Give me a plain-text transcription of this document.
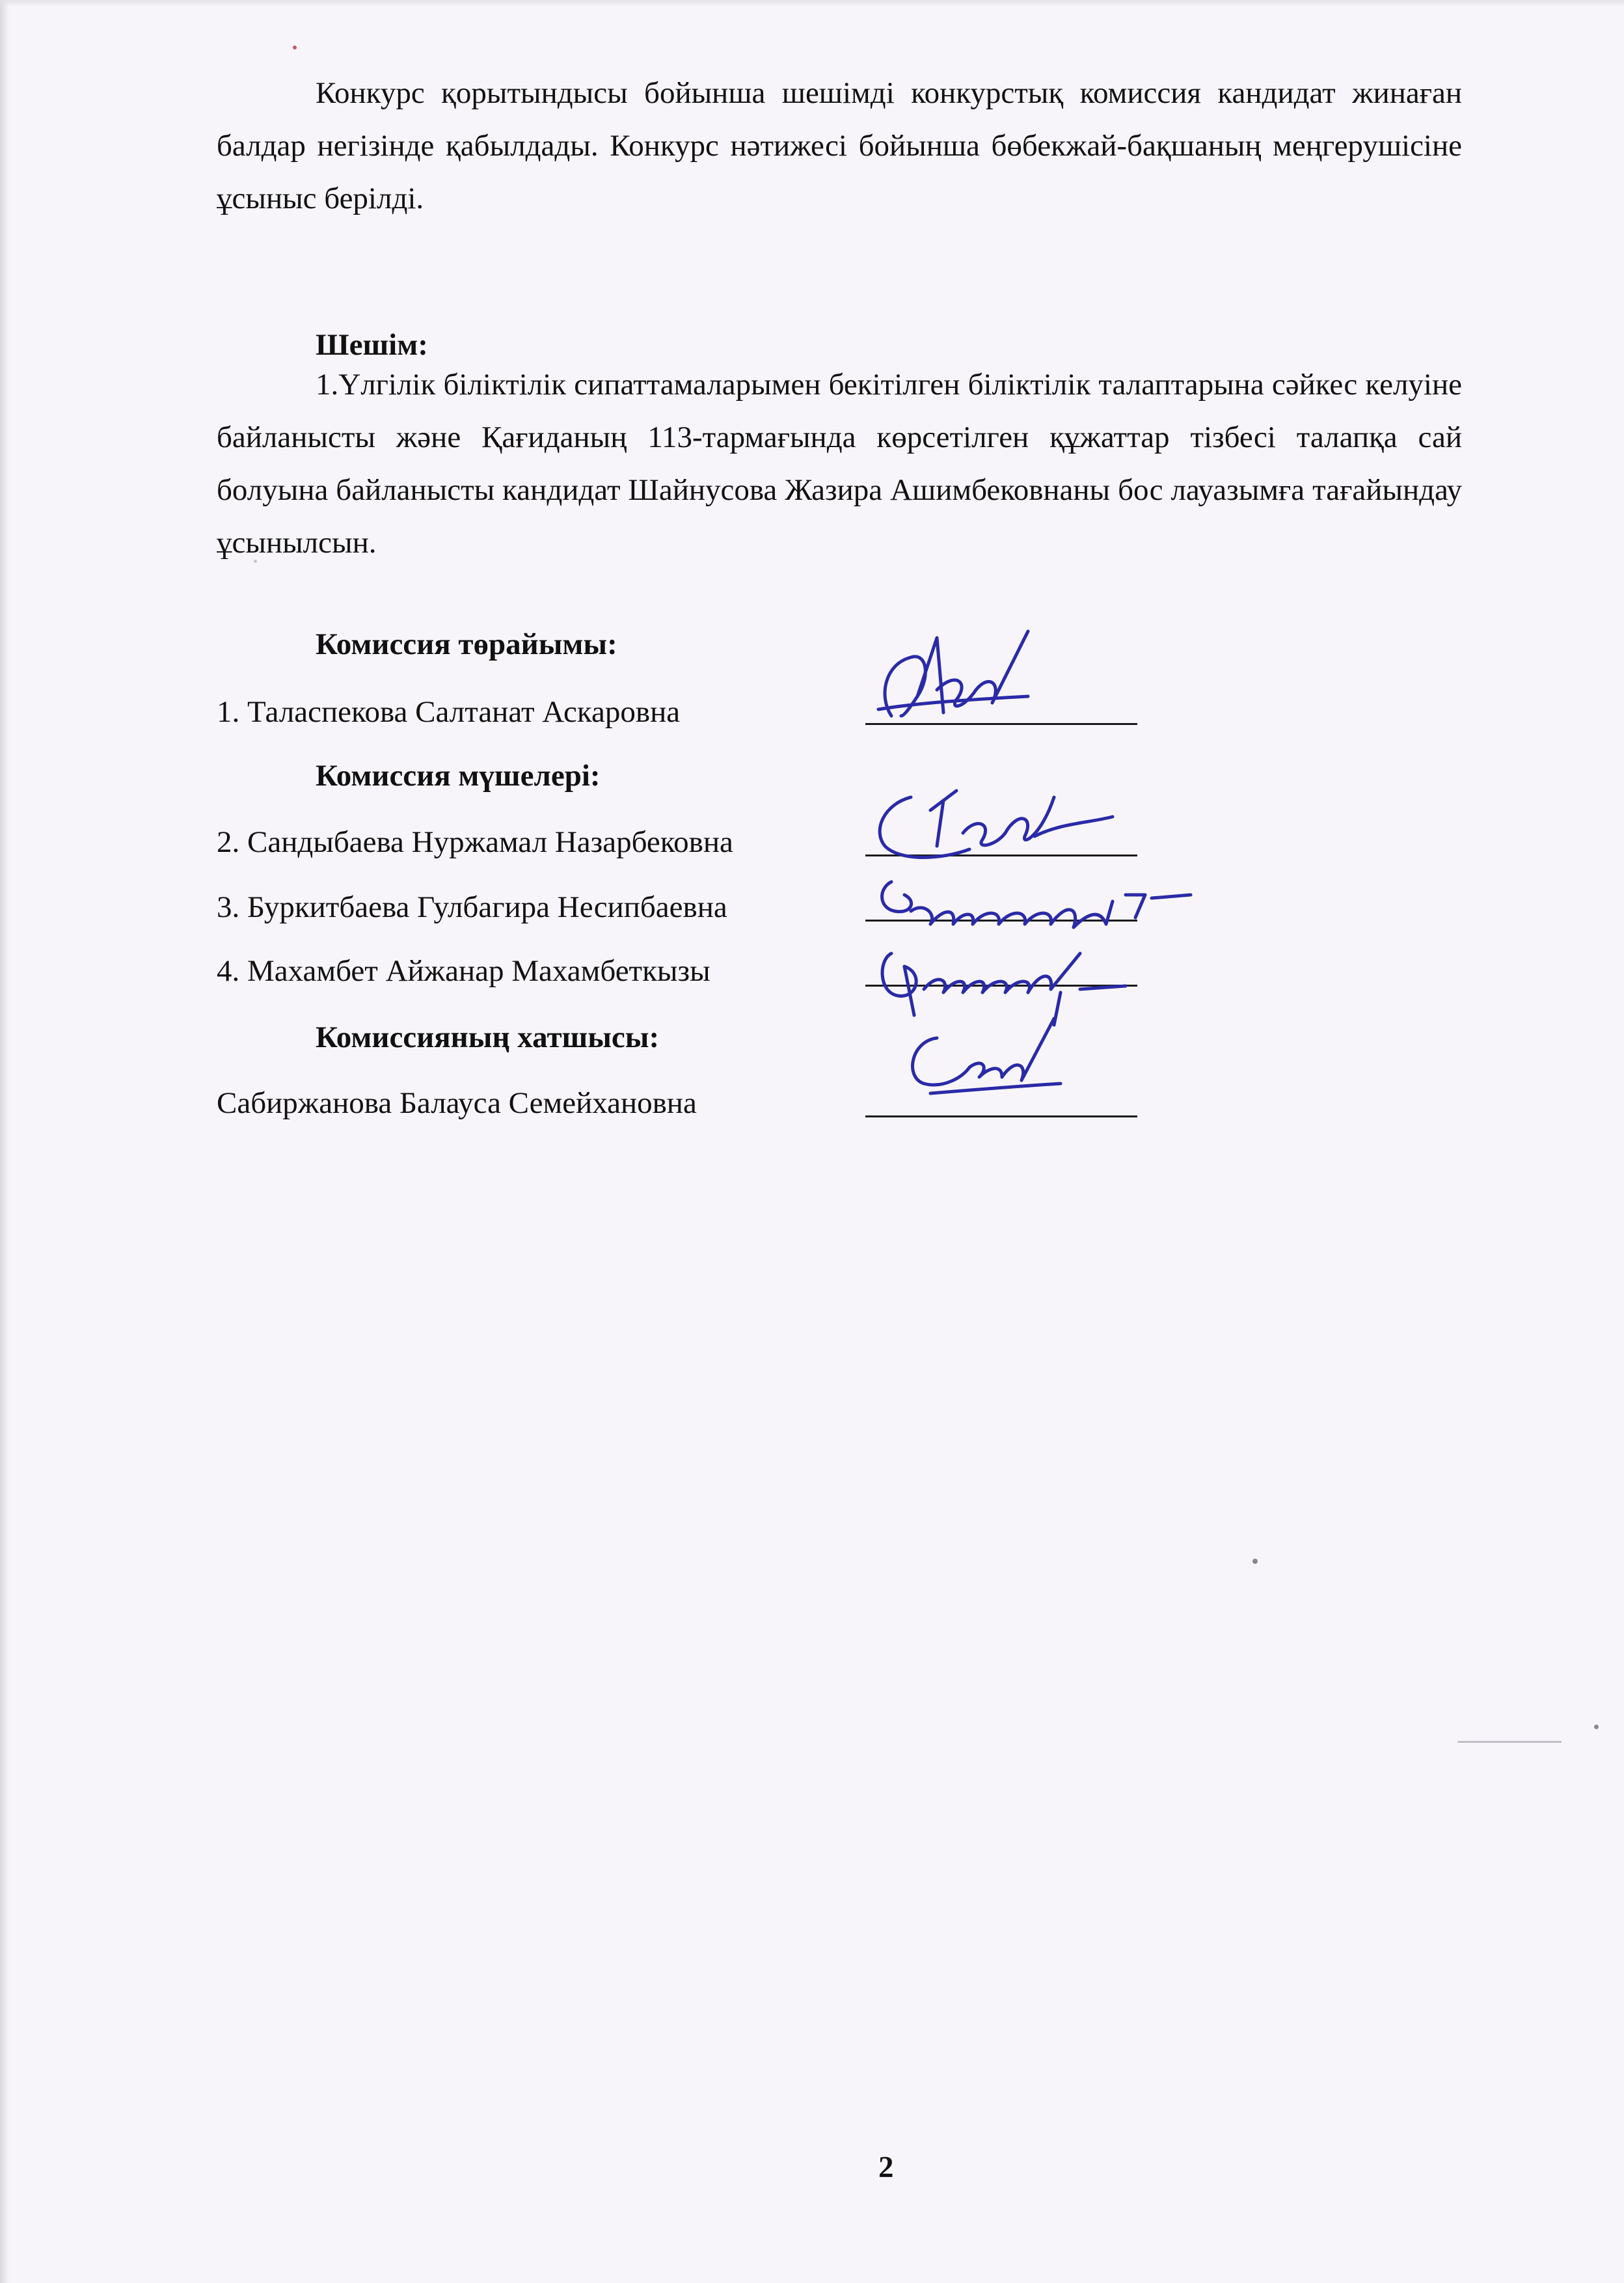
Конкурс қорытындысы бойынша шешімді конкурстық комиссия кандидат жинаған балдар негізінде қабылдады. Конкурс нәтижесі бойынша бөбекжай-бақшаның меңгерушісіне ұсыныс берілді.

Шешім:

1.Үлгілік біліктілік сипаттамаларымен бекітілген біліктілік талаптарына сәйкес келуіне байланысты және Қағиданың 113-тармағында көрсетілген құжаттар тізбесі талапқа сай болуына байланысты кандидат Шайнусова Жазира Ашимбековнаны бос лауазымға тағайындау ұсынылсын.

Комиссия төрайымы:

1. Таласпекова Салтанат Аскаровна

Комиссия мүшелері:

2. Сандыбаева Нуржамал Назарбековна

3. Буркитбаева Гулбагира Несипбаевна

4. Махамбет Айжанар Махамбеткызы

Комиссияның хатшысы:

Сабиржанова Балауса Семейхановна

2
